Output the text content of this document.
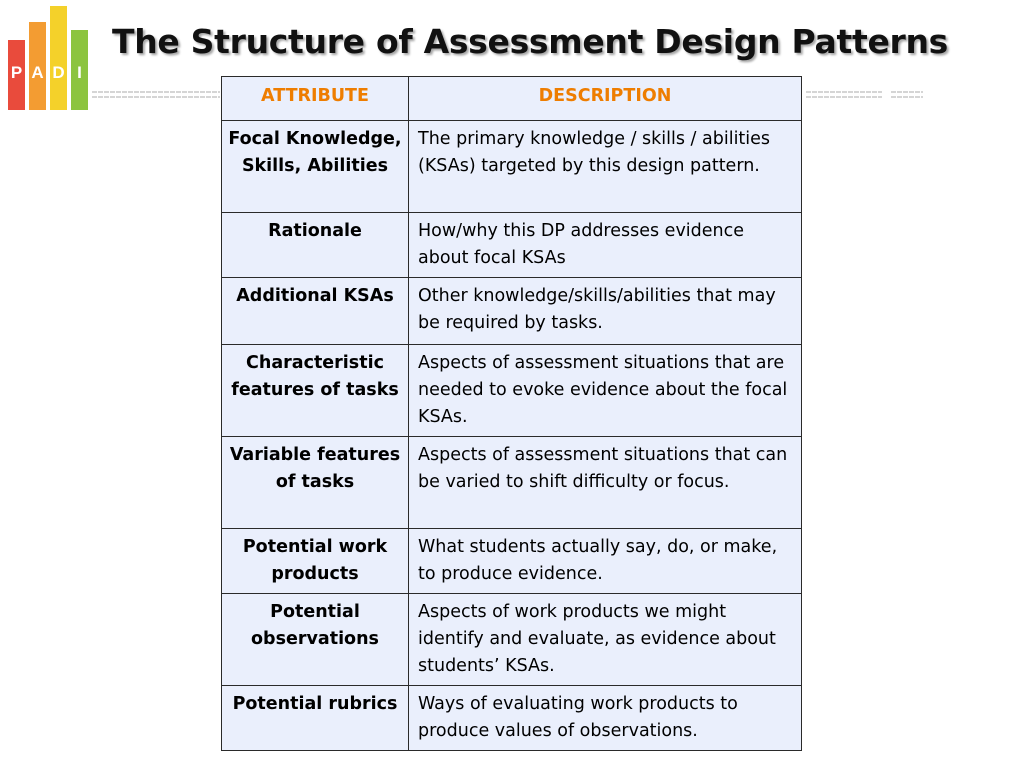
P A D I
The Structure of Assessment Design Patterns
ATTRIBUTE	DESCRIPTION
Focal Knowledge, Skills, Abilities	The primary knowledge / skills / abilities (KSAs) targeted by this design pattern.
Rationale	How/why this DP addresses evidence about focal KSAs
Additional KSAs	Other knowledge/skills/abilities that may be required by tasks.
Characteristic features of tasks	Aspects of assessment situations that are needed to evoke evidence about the focal KSAs.
Variable features of tasks	Aspects of assessment situations that can be varied to shift difficulty or focus.
Potential work products	What students actually say, do, or make, to produce evidence.
Potential observations	Aspects of work products we might identify and evaluate, as evidence about students’ KSAs.
Potential rubrics	Ways of evaluating work products to produce values of observations.
